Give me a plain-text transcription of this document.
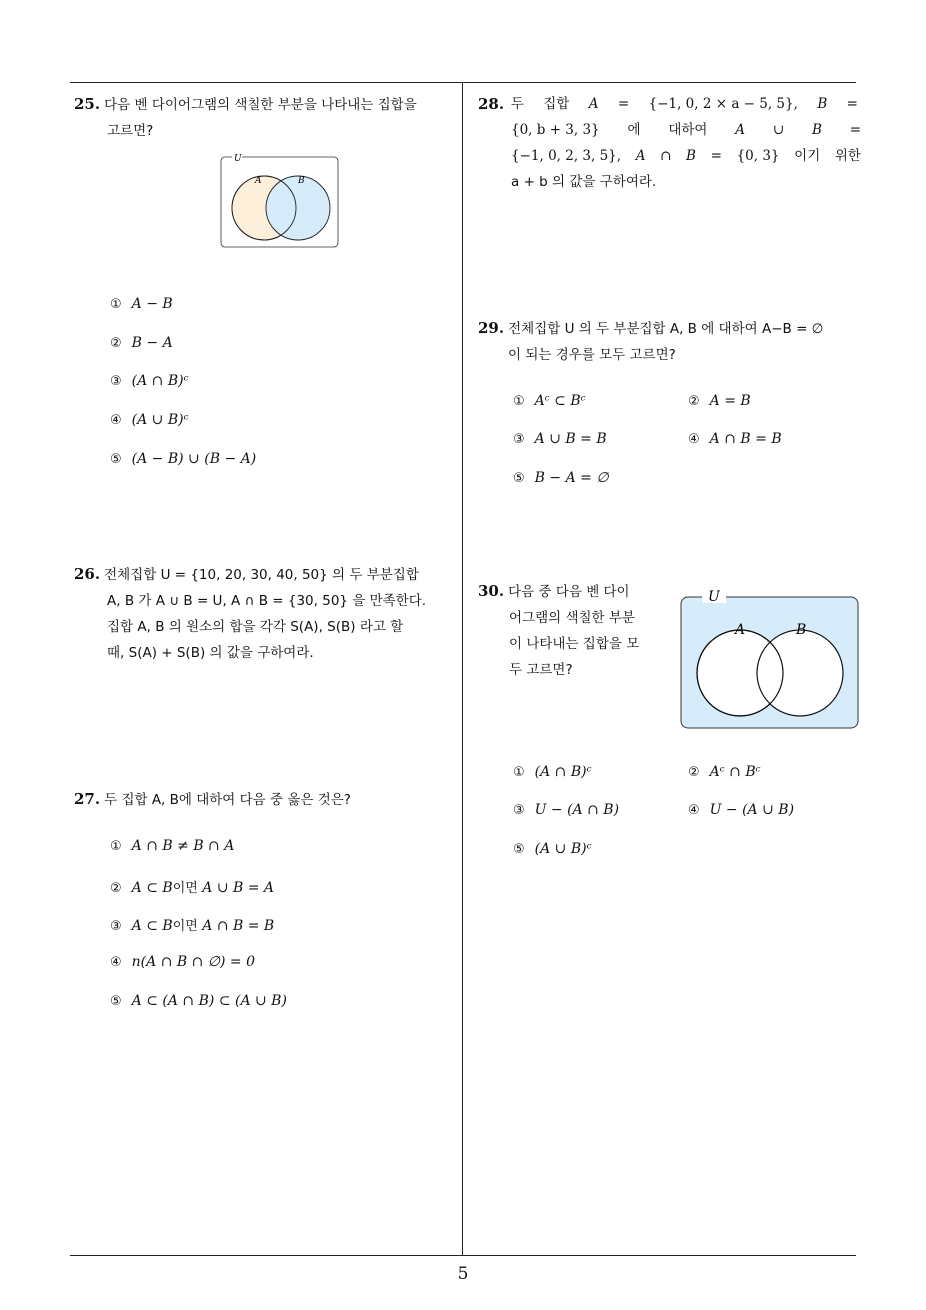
25. 다음 벤 다이어그램의 색칠한 부분을 나타내는 집합을
고르면?
U
A	B
① A − B
② B − A
③ (A ∩ B)ᶜ
④ (A ∪ B)ᶜ
⑤ (A − B) ∪ (B − A)
26. 전체집합 U = {10, 20, 30, 40, 50} 의 두 부분집합
A, B 가 A ∪ B = U, A ∩ B = {30, 50} 을 만족한다.
집합 A, B 의 원소의 합을 각각 S(A), S(B) 라고 할
때, S(A) + S(B) 의 값을 구하여라.
27. 두 집합 A, B에 대하여 다음 중 옳은 것은?
① A ∩ B ≠ B ∩ A
② A ⊂ B이면 A ∪ B = A
③ A ⊂ B이면 A ∩ B = B
④ n(A ∩ B ∩ ∅) = 0
⑤ A ⊂ (A ∩ B) ⊂ (A ∪ B)
28. 두 집합 A = {−1, 0, 2 × a − 5, 5}, B =
{0, b + 3, 3} 에 대하여 A ∪ B =
{−1, 0, 2, 3, 5}, A ∩ B = {0, 3} 이기 위한
a + b 의 값을 구하여라.
29. 전체집합 U 의 두 부분집합 A, B 에 대하여 A−B = ∅
이 되는 경우를 모두 고르면?
① Aᶜ ⊂ Bᶜ	② A = B
③ A ∪ B = B	④ A ∩ B = B
⑤ B − A = ∅
30. 다음 중 다음 벤 다이
어그램의 색칠한 부분
이 나타내는 집합을 모
두 고르면?
U
A	B
① (A ∩ B)ᶜ	② Aᶜ ∩ Bᶜ
③ U − (A ∩ B)	④ U − (A ∪ B)
⑤ (A ∪ B)ᶜ
5
